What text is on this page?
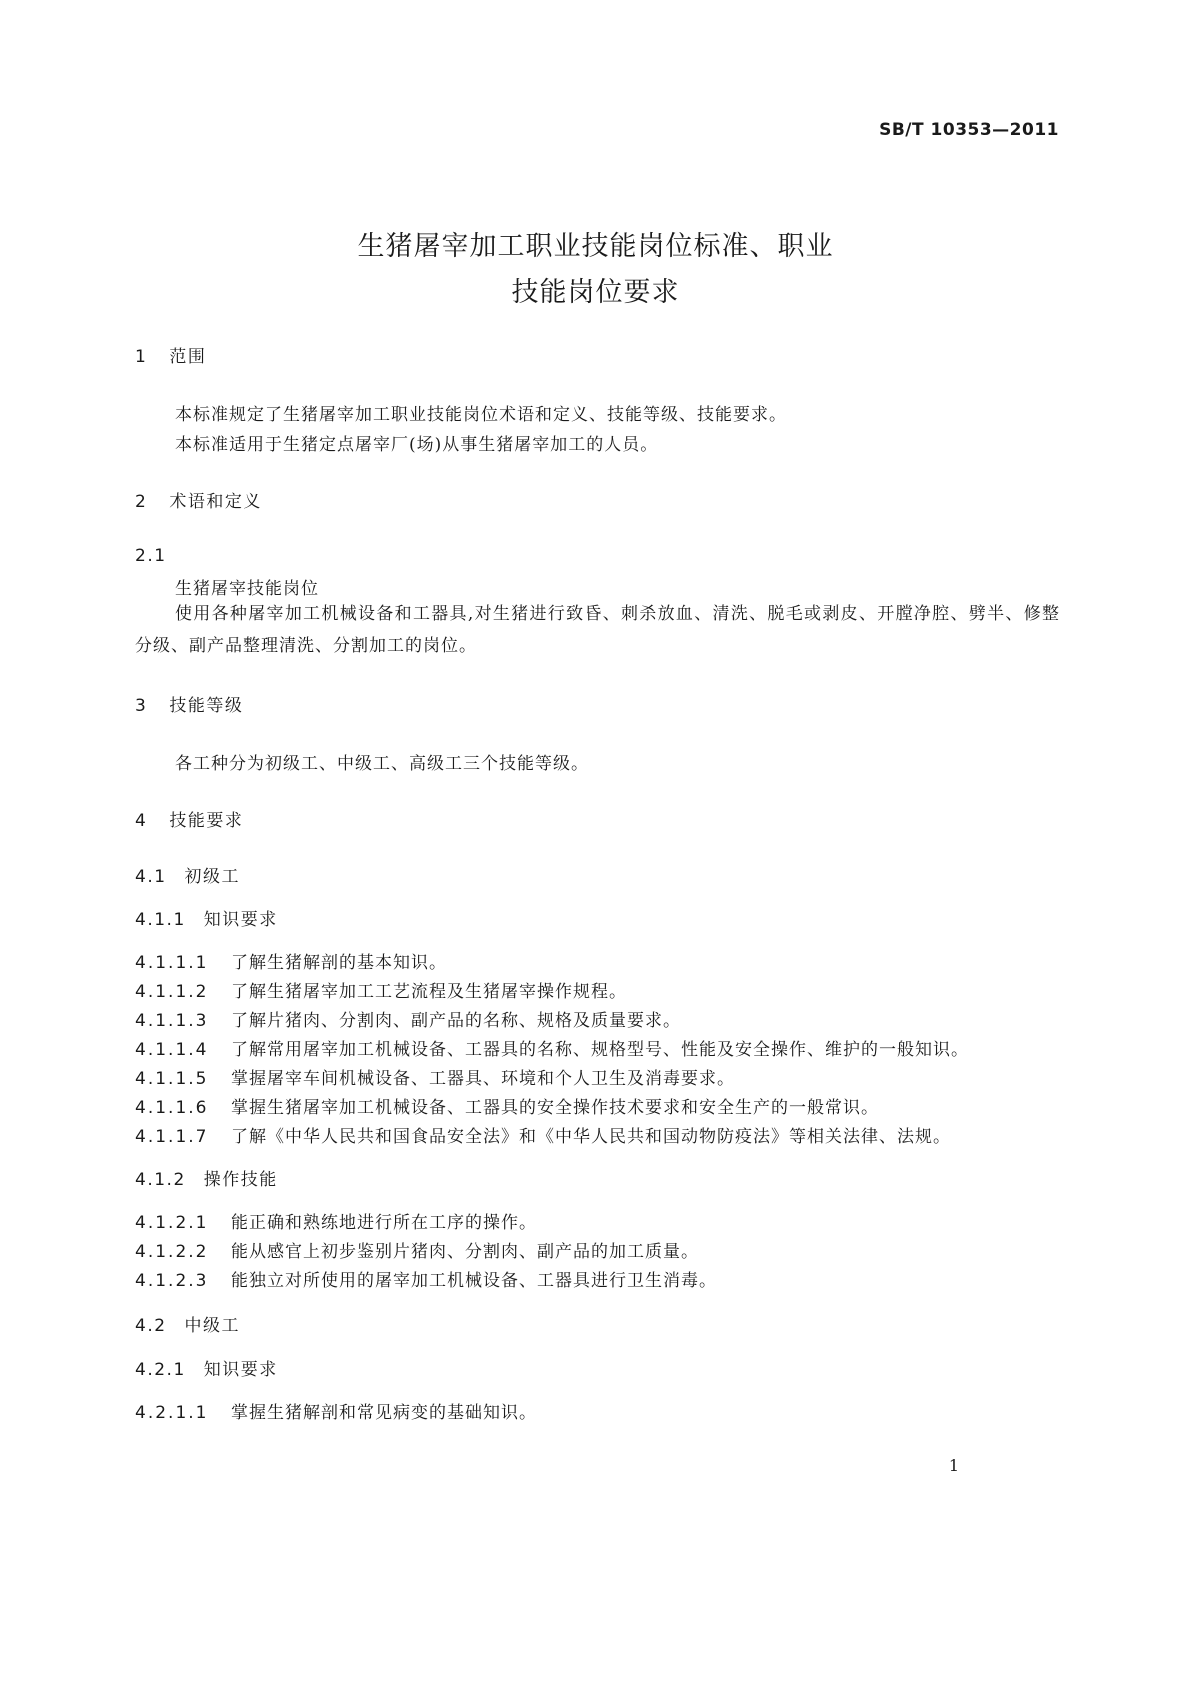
SB/T 10353—2011
生猪屠宰加工职业技能岗位标准、职业
技能岗位要求
1 范围
本标准规定了生猪屠宰加工职业技能岗位术语和定义、技能等级、技能要求。
本标准适用于生猪定点屠宰厂(场)从事生猪屠宰加工的人员。
2 术语和定义
2.1
生猪屠宰技能岗位
使用各种屠宰加工机械设备和工器具,对生猪进行致昏、刺杀放血、清洗、脱毛或剥皮、开膛净腔、劈半、修整分级、副产品整理清洗、分割加工的岗位。
3 技能等级
各工种分为初级工、中级工、高级工三个技能等级。
4 技能要求
4.1 初级工
4.1.1 知识要求
4.1.1.1 了解生猪解剖的基本知识。
4.1.1.2 了解生猪屠宰加工工艺流程及生猪屠宰操作规程。
4.1.1.3 了解片猪肉、分割肉、副产品的名称、规格及质量要求。
4.1.1.4 了解常用屠宰加工机械设备、工器具的名称、规格型号、性能及安全操作、维护的一般知识。
4.1.1.5 掌握屠宰车间机械设备、工器具、环境和个人卫生及消毒要求。
4.1.1.6 掌握生猪屠宰加工机械设备、工器具的安全操作技术要求和安全生产的一般常识。
4.1.1.7 了解《中华人民共和国食品安全法》和《中华人民共和国动物防疫法》等相关法律、法规。
4.1.2 操作技能
4.1.2.1 能正确和熟练地进行所在工序的操作。
4.1.2.2 能从感官上初步鉴别片猪肉、分割肉、副产品的加工质量。
4.1.2.3 能独立对所使用的屠宰加工机械设备、工器具进行卫生消毒。
4.2 中级工
4.2.1 知识要求
4.2.1.1 掌握生猪解剖和常见病变的基础知识。
1
